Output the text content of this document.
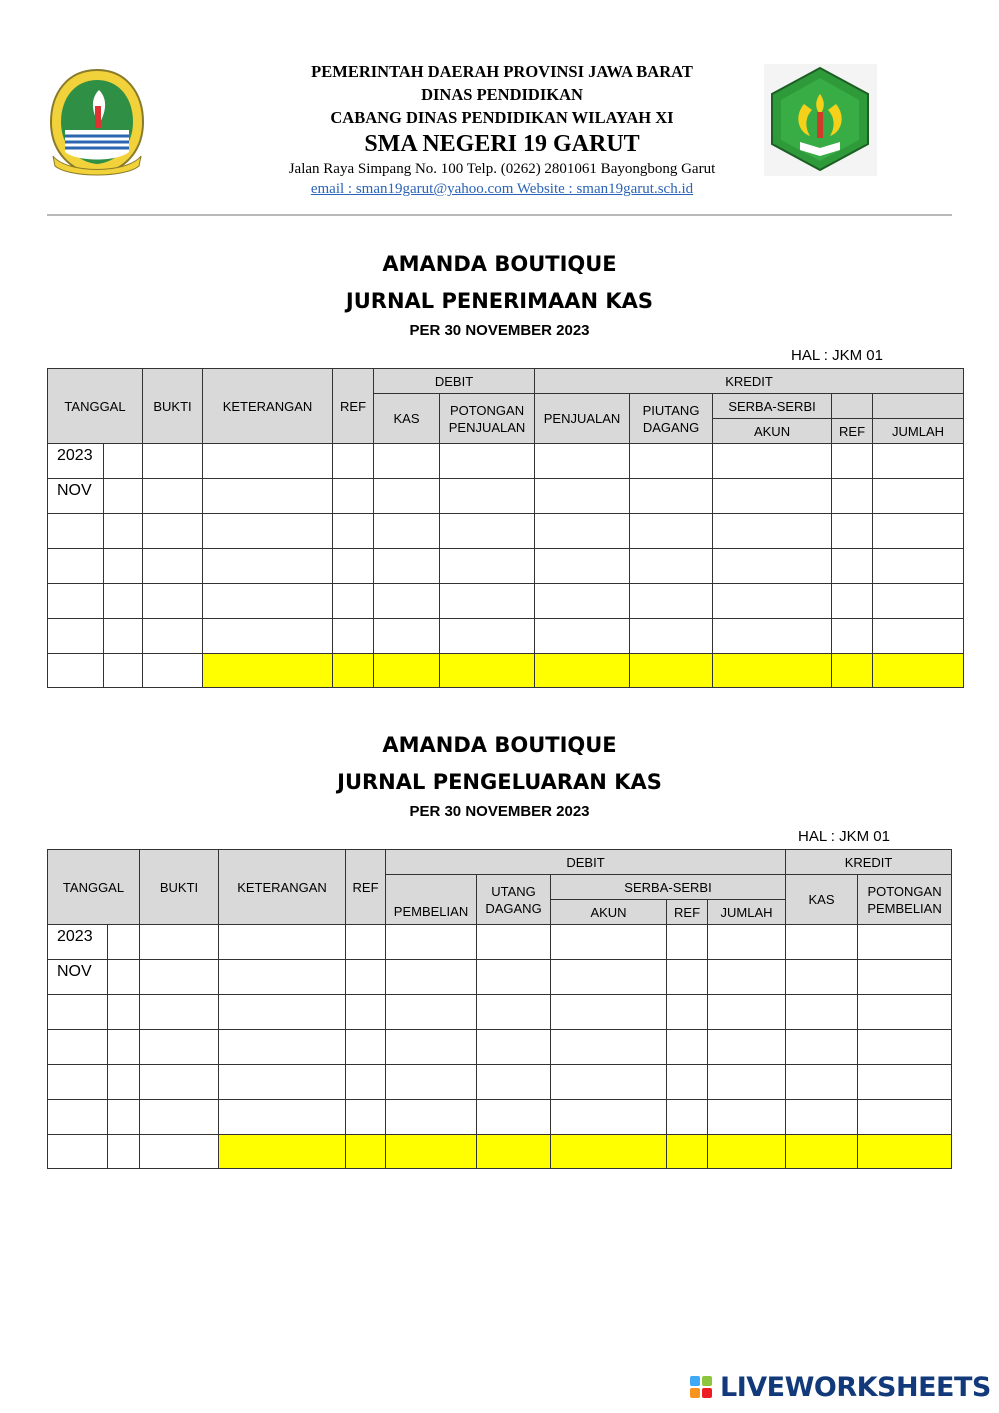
PEMERINTAH DAERAH PROVINSI JAWA BARAT
DINAS PENDIDIKAN
CABANG DINAS PENDIDIKAN WILAYAH XI
SMA NEGERI 19 GARUT
Jalan Raya Simpang No. 100 Telp. (0262) 2801061 Bayongbong Garut
email : sman19garut@yahoo.com Website : sman19garut.sch.id
AMANDA BOUTIQUE
JURNAL PENERIMAAN KAS
PER 30 NOVEMBER 2023
HAL : JKM 01
TANGGAL		BUKTI	KETERANGAN	REF	DEBIT		KREDIT				
					KAS	POTONGAN PENJUALAN	PENJUALAN	PIUTANG DAGANG	SERBA-SERBI		
									AKUN	REF	JUMLAH
2023											
NOV											

AMANDA BOUTIQUE
JURNAL PENGELUARAN KAS
PER 30 NOVEMBER 2023
HAL : JKM 01
TANGGAL		BUKTI	KETERANGAN	REF	DEBIT					KREDIT	
					PEMBELIAN	UTANG DAGANG	SERBA-SERBI			KAS	POTONGAN PEMBELIAN
							AKUN	REF	JUMLAH		
2023											
NOV											

LIVEWORKSHEETS
